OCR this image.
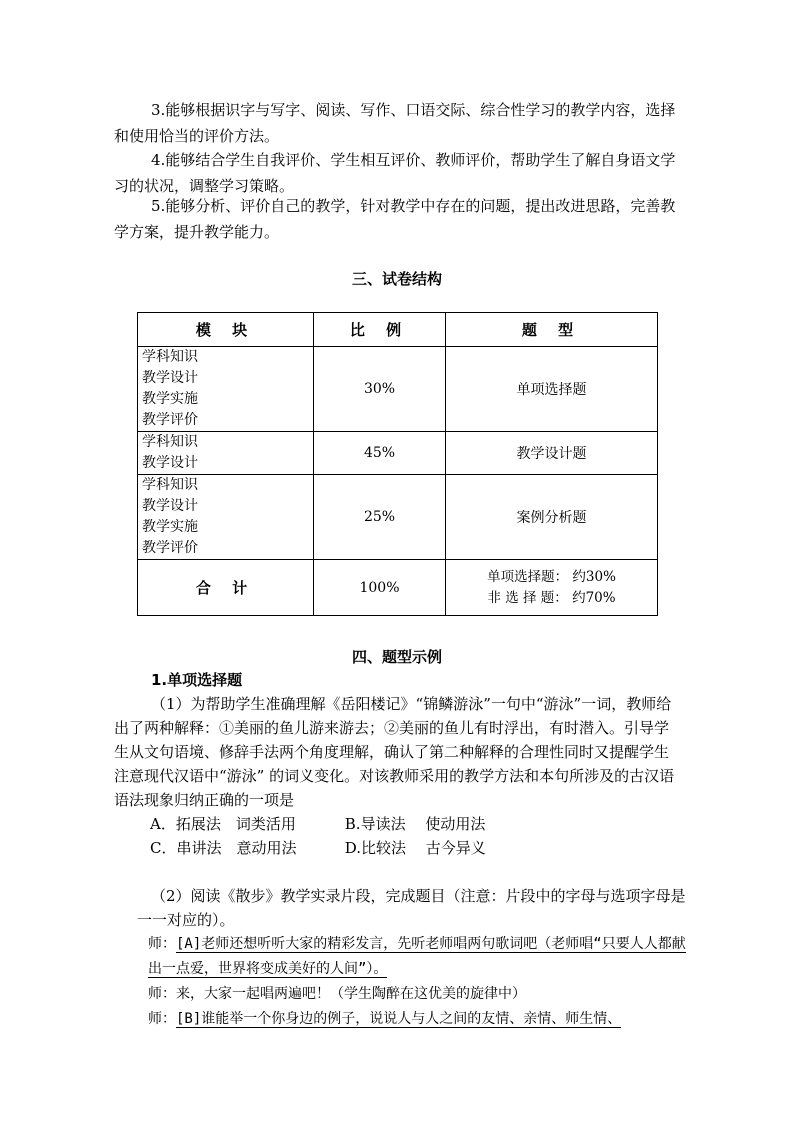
3.能够根据识字与写字、阅读、写作、口语交际、综合性学习的教学内容，选择和使用恰当的评价方法。
4.能够结合学生自我评价、学生相互评价、教师评价，帮助学生了解自身语文学习的状况，调整学习策略。
5.能够分析、评价自己的教学，针对教学中存在的问题，提出改进思路，完善教学方案，提升教学能力。
三、试卷结构
模 块	比 例	题 型

学科知识
教学设计
教学实施
教学评价	30%	单项选择题

学科知识
教学设计	45%	教学设计题

学科知识
教学设计
教学实施
教学评价	25%	案例分析题
合 计	100%	单项选择题： 约30%
非 选 择 题： 约70%
四、题型示例
1.单项选择题
（1）为帮助学生准确理解《岳阳楼记》“锦鳞游泳”一句中“游泳”一词，教师给出了两种解释：①美丽的鱼儿游来游去；②美丽的鱼儿有时浮出，有时潜入。引导学生从文句语境、修辞手法两个角度理解，确认了第二种解释的合理性同时又提醒学生注意现代汉语中“游泳” 的词义变化。对该教师采用的教学方法和本句所涉及的古汉语语法现象归纳正确的一项是
A．拓展法　词类活用	B.导读法　 使动用法
C．串讲法　意动用法	D.比较法　 古今异义
（2）阅读《散步》教学实录片段，完成题目（注意：片段中的字母与选项字母是一一对应的）。
师：[A]老师还想听听大家的精彩发言，先听老师唱两句歌词吧（老师唱“只要人人都献出一点爱，世界将变成美好的人间”）。
师：来，大家一起唱两遍吧！（学生陶醉在这优美的旋律中）
师：[B]谁能举一个你身边的例子，说说人与人之间的友情、亲情、师生情、
